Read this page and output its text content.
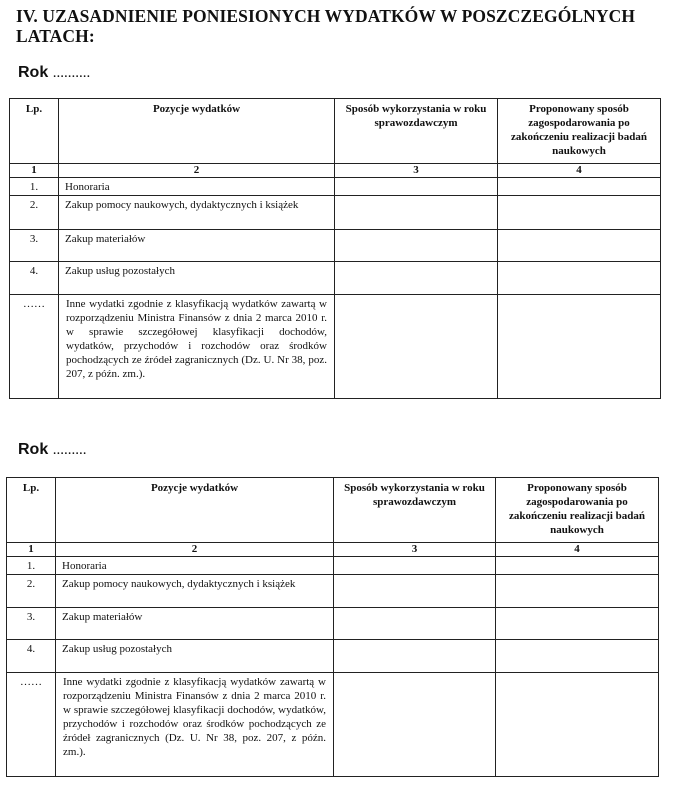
IV. UZASADNIENIE PONIESIONYCH WYDATKÓW W POSZCZEGÓLNYCH LATACH:
Rok ..........
Lp.	Pozycje wydatków	Sposób wykorzystania w roku sprawozdawczym	Proponowany sposób zagospodarowania po zakończeniu realizacji badań naukowych
1	2	3	4
1.	Honoraria		
2.	Zakup pomocy naukowych, dydaktycznych i książek		
3.	Zakup materiałów		
4.	Zakup usług pozostałych		
……	Inne wydatki zgodnie z klasyfikacją wydatków zawartą w rozporządzeniu Ministra Finansów z dnia 2 marca 2010 r. w sprawie szczegółowej klasyfikacji dochodów, wydatków, przychodów i rozchodów oraz środków pochodzących ze źródeł zagranicznych (Dz. U. Nr 38, poz. 207, z późn. zm.).		
Rok .........
Lp.	Pozycje wydatków	Sposób wykorzystania w roku sprawozdawczym	Proponowany sposób zagospodarowania po zakończeniu realizacji badań naukowych
1	2	3	4
1.	Honoraria		
2.	Zakup pomocy naukowych, dydaktycznych i książek		
3.	Zakup materiałów		
4.	Zakup usług pozostałych		
……	Inne wydatki zgodnie z klasyfikacją wydatków zawartą w rozporządzeniu Ministra Finansów z dnia 2 marca 2010 r. w sprawie szczegółowej klasyfikacji dochodów, wydatków, przychodów i rozchodów oraz środków pochodzących ze źródeł zagranicznych (Dz. U. Nr 38, poz. 207, z późn. zm.).		
